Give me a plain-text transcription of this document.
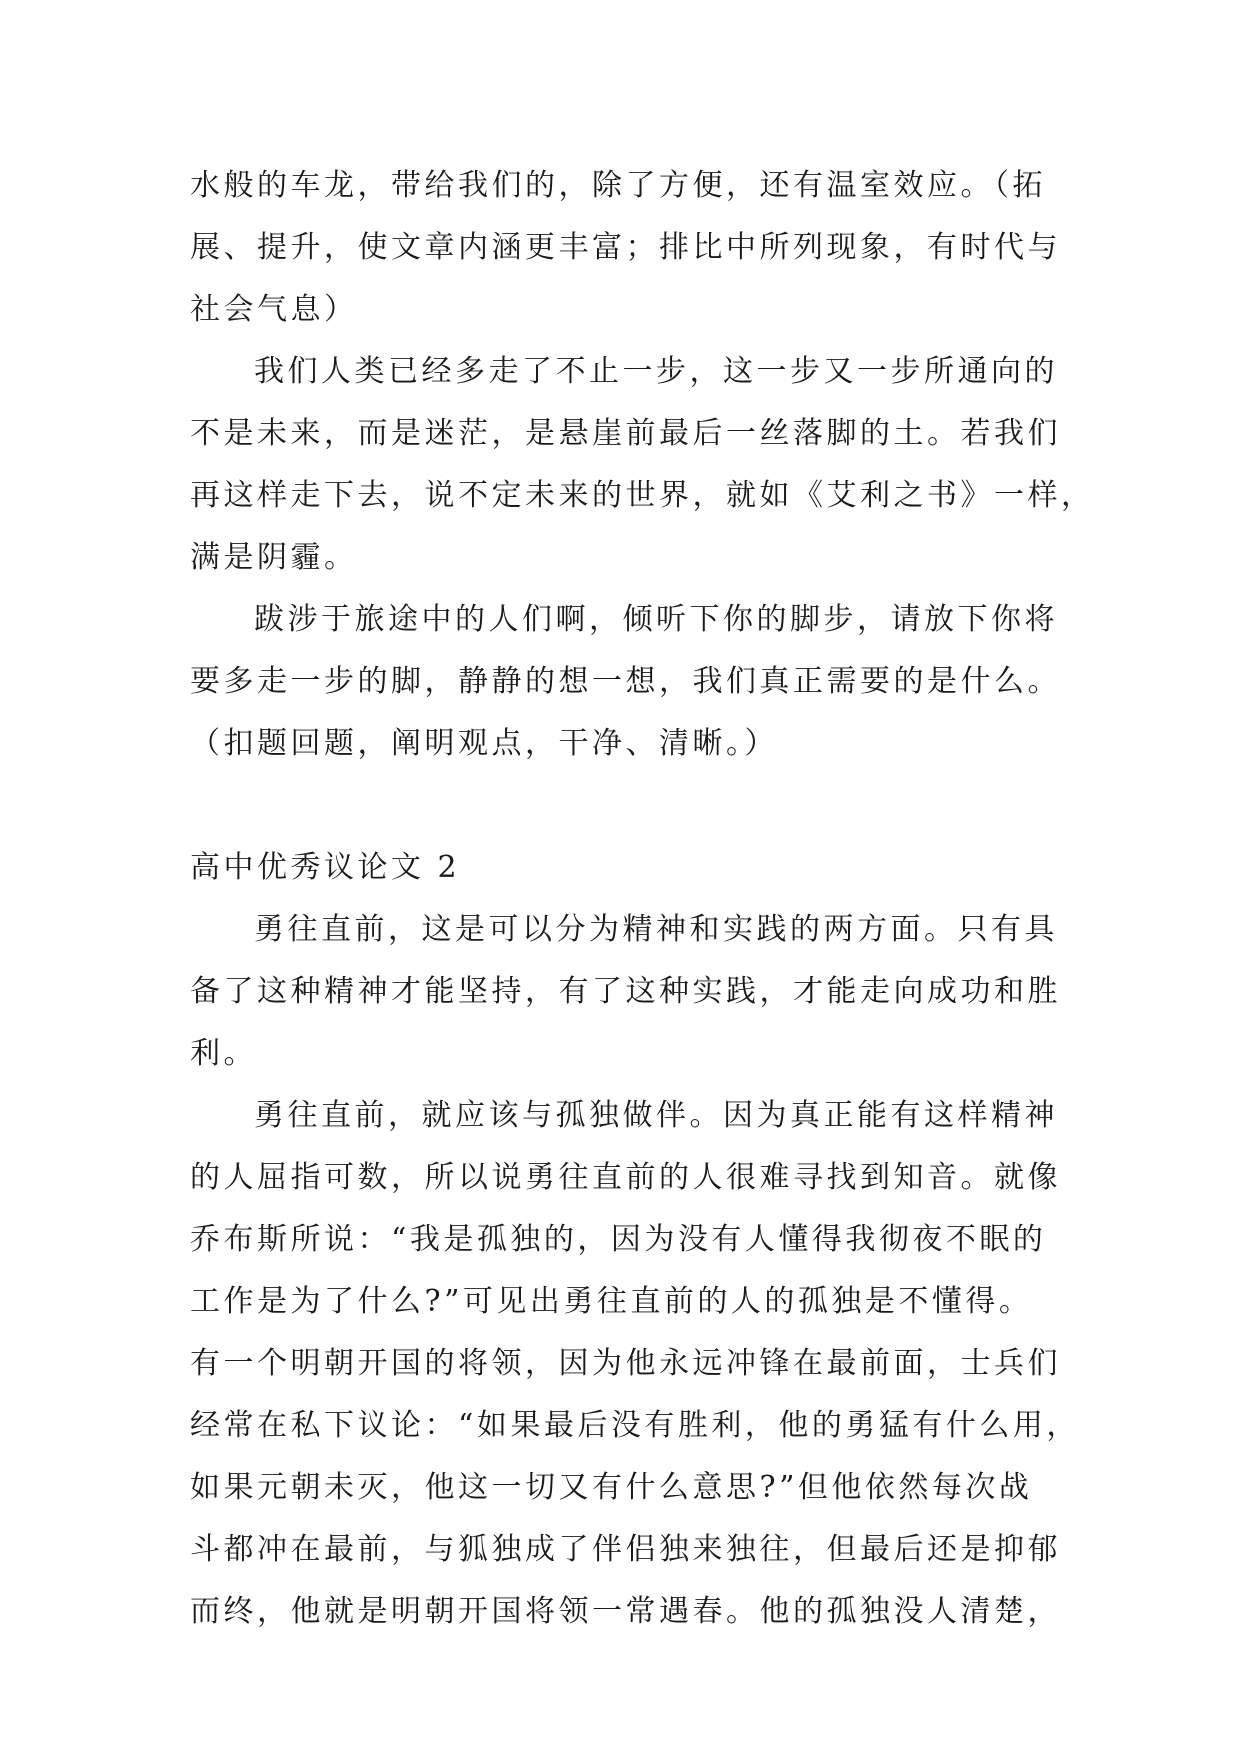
水般的车龙，带给我们的，除了方便，还有温室效应。（拓
展、提升，使文章内涵更丰富；排比中所列现象，有时代与
社会气息）
我们人类已经多走了不止一步，这一步又一步所通向的
不是未来，而是迷茫，是悬崖前最后一丝落脚的土。若我们
再这样走下去，说不定未来的世界，就如《艾利之书》一样，
满是阴霾。
跋涉于旅途中的人们啊，倾听下你的脚步，请放下你将
要多走一步的脚，静静的想一想，我们真正需要的是什么。
（扣题回题，阐明观点，干净、清晰。）
高中优秀议论文 2
勇往直前，这是可以分为精神和实践的两方面。只有具
备了这种精神才能坚持，有了这种实践，才能走向成功和胜
利。
勇往直前，就应该与孤独做伴。因为真正能有这样精神
的人屈指可数，所以说勇往直前的人很难寻找到知音。就像
乔布斯所说：“我是孤独的，因为没有人懂得我彻夜不眠的
工作是为了什么?”可见出勇往直前的人的孤独是不懂得。
有一个明朝开国的将领，因为他永远冲锋在最前面，士兵们
经常在私下议论：“如果最后没有胜利，他的勇猛有什么用，
如果元朝未灭，他这一切又有什么意思?”但他依然每次战
斗都冲在最前，与狐独成了伴侣独来独往，但最后还是抑郁
而终，他就是明朝开国将领一常遇春。他的孤独没人清楚，
